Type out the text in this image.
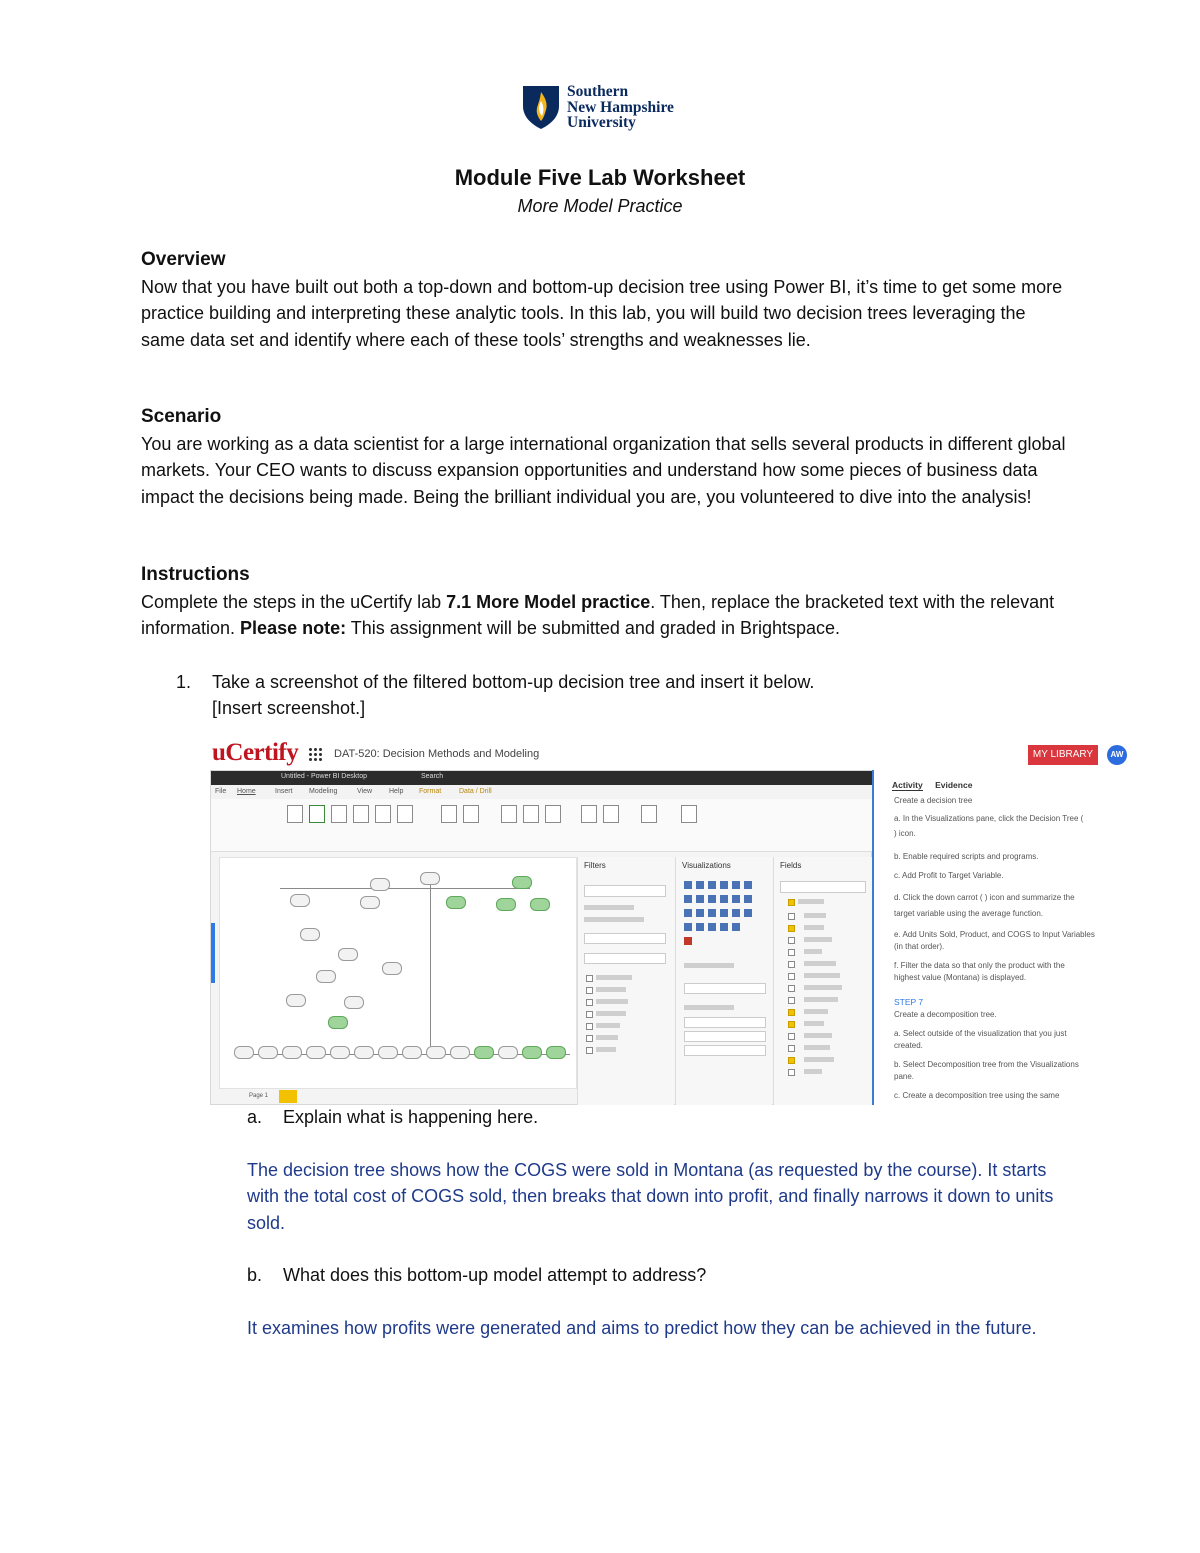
Southern
New Hampshire
University
Module Five Lab Worksheet
More Model Practice
Overview

Now that you have built out both a top-down and bottom-up decision tree using Power BI, it’s time to get some more practice building and interpreting these analytic tools. In this lab, you will build two decision trees leveraging the same data set and identify where each of these tools’ strengths and weaknesses lie.

Scenario

You are working as a data scientist for a large international organization that sells several products in different global markets. Your CEO wants to discuss expansion opportunities and understand how some pieces of business data impact the decisions being made. Being the brilliant individual you are, you volunteered to dive into the analysis!

Instructions

Complete the steps in the uCertify lab 7.1 More Model practice. Then, replace the bracketed text with the relevant information. Please note: This assignment will be submitted and graded in Brightspace.

1. Take a screenshot of the filtered bottom-up decision tree and insert it below.
[Insert screenshot.]
uCertify	DAT-520: Decision Methods and Modeling	MY LIBRARY	AW
Untitled - Power BI Desktop	Search
File Home	Insert Modeling	View Help Format	Data / Drill
Filters	Visualizations	Fields
Page 1
Activity Evidence
Create a decision tree
a. In the Visualizations pane, click the Decision Tree (
) icon.
b. Enable required scripts and programs.
c. Add Profit to Target Variable.
d. Click the down carrot ( ) icon and summarize the
target variable using the average function.
e. Add Units Sold, Product, and COGS to Input Variables
(in that order).
f. Filter the data so that only the product with the
highest value (Montana) is displayed.
STEP 7
Create a decomposition tree.
a. Select outside of the visualization that you just
created.
b. Select Decomposition tree from the Visualizations
pane.
c. Create a decomposition tree using the same
a. Explain what is happening here.
The decision tree shows how the COGS were sold in Montana (as requested by the course). It starts with the total cost of COGS sold, then breaks that down into profit, and finally narrows it down to units sold.
b. What does this bottom-up model attempt to address?
It examines how profits were generated and aims to predict how they can be achieved in the future.
